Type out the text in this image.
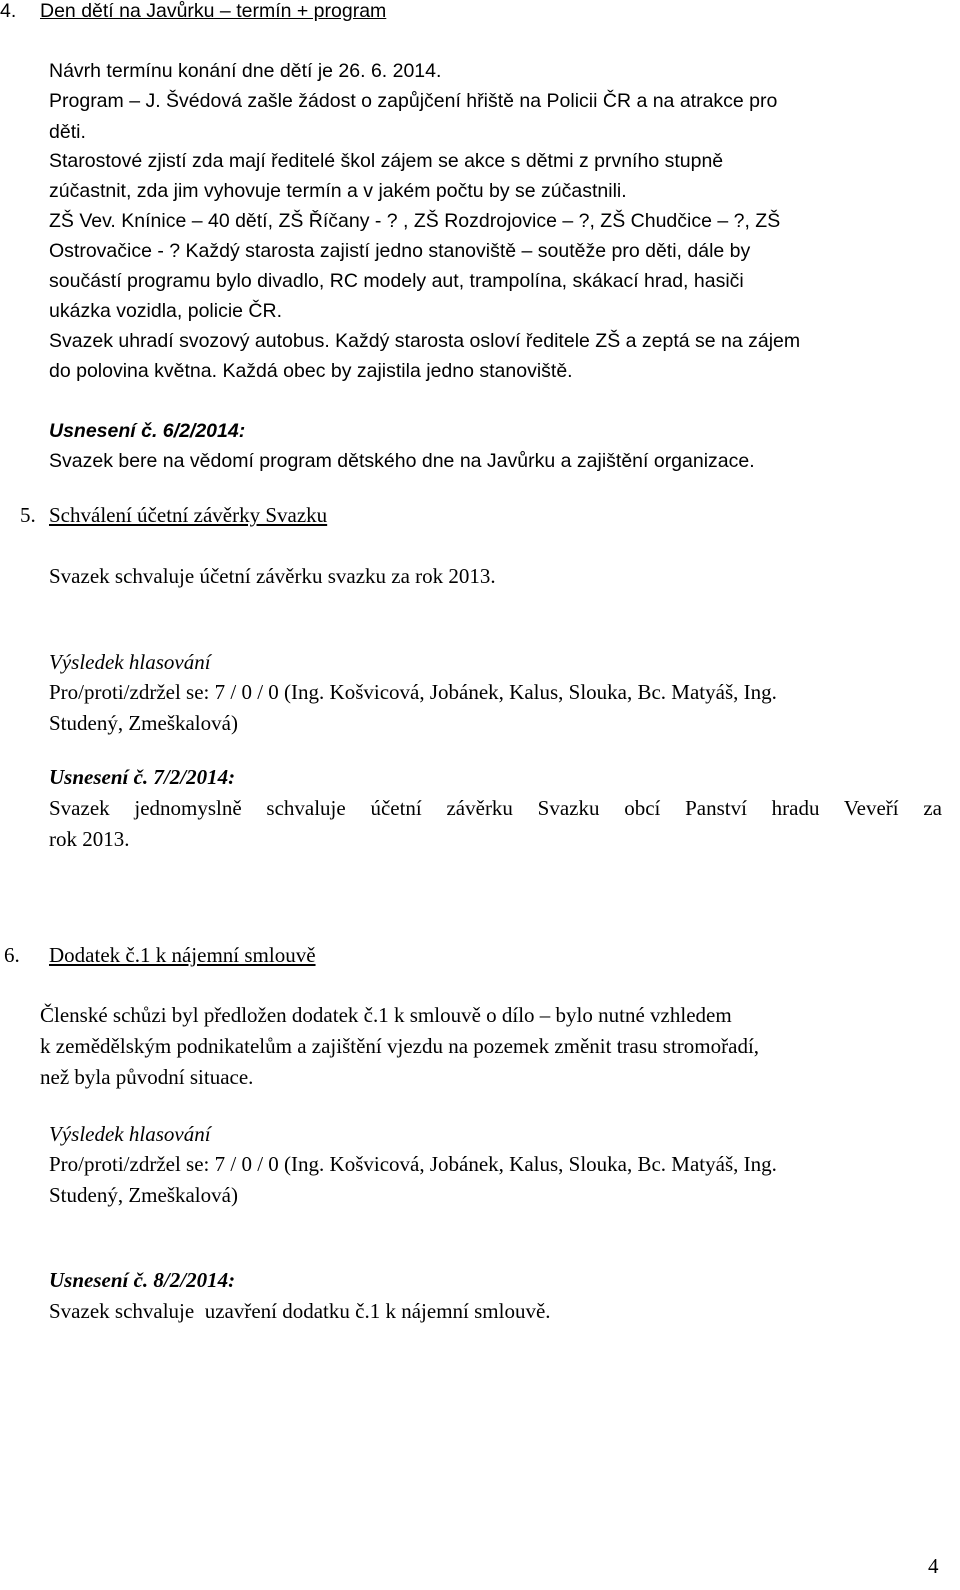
4. Den dětí na Javůrku – termín + program
Návrh termínu konání dne dětí je 26. 6. 2014.
Program – J. Švédová zašle žádost o zapůjčení hřiště na Policii ČR a na atrakce pro
děti.
Starostové zjistí zda mají ředitelé škol zájem se akce s dětmi z prvního stupně
zúčastnit, zda jim vyhovuje termín a v jakém počtu by se zúčastnili.
ZŠ Vev. Knínice – 40 dětí, ZŠ Říčany - ? , ZŠ Rozdrojovice – ?, ZŠ Chudčice – ?, ZŠ
Ostrovačice - ? Každý starosta zajistí jedno stanoviště – soutěže pro děti, dále by
součástí programu bylo divadlo, RC modely aut, trampolína, skákací hrad, hasiči
ukázka vozidla, policie ČR.
Svazek uhradí svozový autobus. Každý starosta osloví ředitele ZŠ a zeptá se na zájem
do polovina května. Každá obec by zajistila jedno stanoviště.
Usnesení č. 6/2/2014:
Svazek bere na vědomí program dětského dne na Javůrku a zajištění organizace.
5. Schválení účetní závěrky Svazku
Svazek schvaluje účetní závěrku svazku za rok 2013.
Výsledek hlasování
Pro/proti/zdržel se: 7 / 0 / 0 (Ing. Košvicová, Jobánek, Kalus, Slouka, Bc. Matyáš, Ing.
Studený, Zmeškalová)
Usnesení č. 7/2/2014:
Svazek jednomyslně schvaluje účetní závěrku Svazku obcí Panství hradu Veveří za
rok 2013.
6. Dodatek č.1 k nájemní smlouvě
Členské schůzi byl předložen dodatek č.1 k smlouvě o dílo – bylo nutné vzhledem
k zemědělským podnikatelům a zajištění vjezdu na pozemek změnit trasu stromořadí,
než byla původní situace.
Výsledek hlasování
Pro/proti/zdržel se: 7 / 0 / 0 (Ing. Košvicová, Jobánek, Kalus, Slouka, Bc. Matyáš, Ing.
Studený, Zmeškalová)
Usnesení č. 8/2/2014:
Svazek schvaluje  uzavření dodatku č.1 k nájemní smlouvě.
4
